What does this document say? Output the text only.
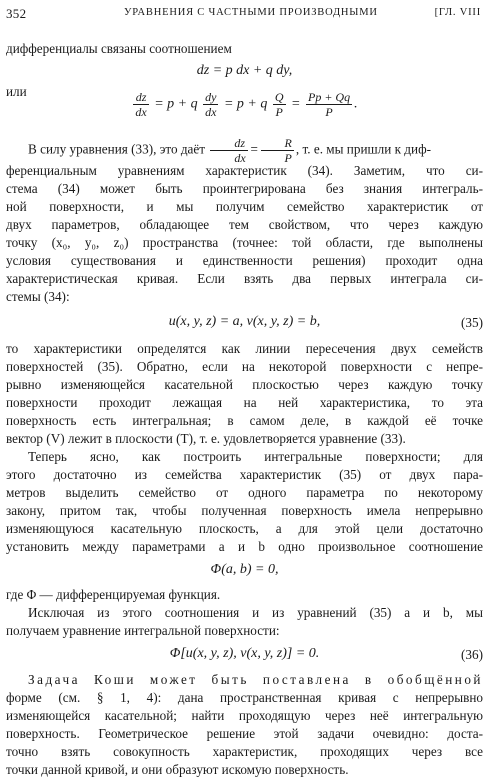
352	УРАВНЕНИЯ С ЧАСТНЫМИ ПРОИЗВОДНЫМИ	[ГЛ. VIII
дифференциалы связаны соотношением
dz = p dx + q dy,
или	$\frac{dz}{dx} = p + q \frac{dy}{dx} = p + q \frac{Q}{P} = \frac{Pp + Qq}{P}$ .
В силу уравнения (33), это даёт $\frac{dz}{dx} = \frac{R}{P}$ , т. е. мы пришли к диф-
ференциальным уравнениям характеристик (34). Заметим, что си-
стема (34) может быть проинтегрирована без знания интеграль-
ной поверхности, и мы получим семейство характеристик от
двух параметров, обладающее тем свойством, что через каждую
точку (x₀, y₀, z₀) пространства (точнее: той области, где выполнены
условия существования и единственности решения) проходит одна
характеристическая кривая. Если взять два первых интеграла си-
стемы (34):
u(x, y, z) = a, v(x, y, z) = b,	(35)
то характеристики определятся как линии пересечения двух семейств
поверхностей (35). Обратно, если на некоторой поверхности с непре-
рывно изменяющейся касательной плоскостью через каждую точку
поверхности проходит лежащая на ней характеристика, то эта
поверхность есть интегральная; в самом деле, в каждой её точке
вектор (V) лежит в плоскости (T), т. е. удовлетворяется уравнение (33).
Теперь ясно, как построить интегральные поверхности; для
этого достаточно из семейства характеристик (35) от двух пара-
метров выделить семейство от одного параметра по некоторому
закону, притом так, чтобы полученная поверхность имела непрерывно
изменяющуюся касательную плоскость, а для этой цели достаточно
установить между параметрами a и b одно произвольное соотношение
Φ(a, b) = 0,
где Φ — дифференцируемая функция.
Исключая из этого соотношения и из уравнений (35) a и b, мы
получаем уравнение интегральной поверхности:
Φ[u(x, y, z), v(x, y, z)] = 0.	(36)
Задача Коши может быть поставлена в обобщённой
форме (см. § 1, 4): дана пространственная кривая с непрерывно
изменяющейся касательной; найти проходящую через неё интегральную
поверхность. Геометрическое решение этой задачи очевидно: доста-
точно взять совокупность характеристик, проходящих через все
точки данной кривой, и они образуют искомую поверхность.
